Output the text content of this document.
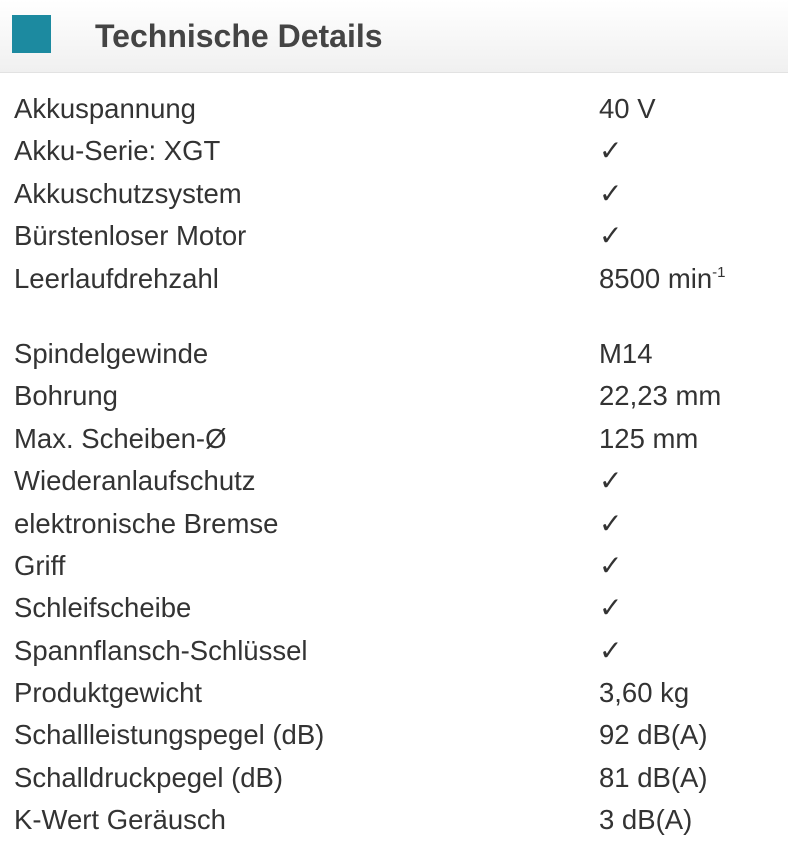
Technische Details
Akkuspannung	40 V
Akku-Serie: XGT	✓
Akkuschutzsystem	✓
Bürstenloser Motor	✓
Leerlaufdrehzahl	8500 $\min^{-1}$
Spindelgewinde	M14
Bohrung	22,23 mm
Max. Scheiben-Ø	125 mm
Wiederanlaufschutz	✓
elektronische Bremse	✓
Griff	✓
Schleifscheibe	✓
Spannflansch-Schlüssel	✓
Produktgewicht	3,60 kg
Schallleistungspegel (dB)	92 dB(A)
Schalldruckpegel (dB)	81 dB(A)
K-Wert Geräusch	3 dB(A)
